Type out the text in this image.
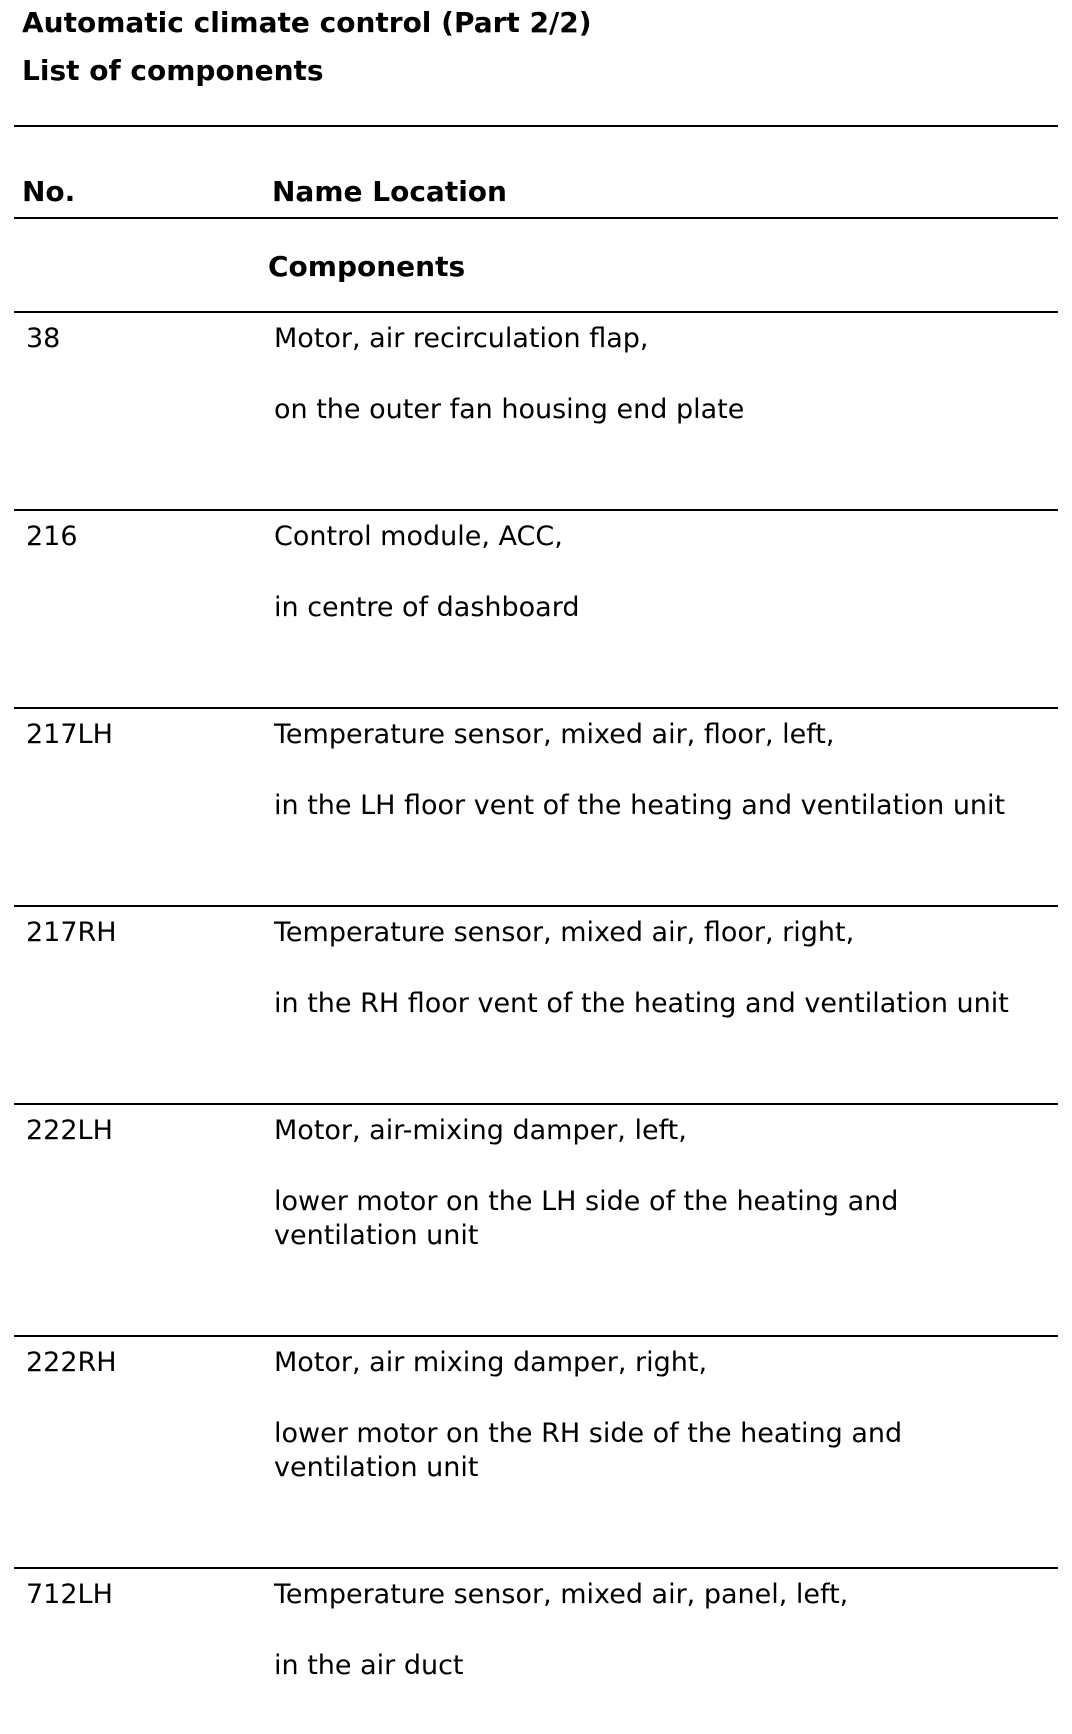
Automatic climate control (Part 2/2)
List of components
No.	Name Location
Components
38	Motor, air recirculation flap,
on the outer fan housing end plate
216	Control module, ACC,
in centre of dashboard
217LH	Temperature sensor, mixed air, floor, left,
in the LH floor vent of the heating and ventilation unit
217RH	Temperature sensor, mixed air, floor, right,
in the RH floor vent of the heating and ventilation unit
222LH	Motor, air-mixing damper, left,
lower motor on the LH side of the heating and
ventilation unit
222RH	Motor, air mixing damper, right,
lower motor on the RH side of the heating and
ventilation unit
712LH	Temperature sensor, mixed air, panel, left,
in the air duct
